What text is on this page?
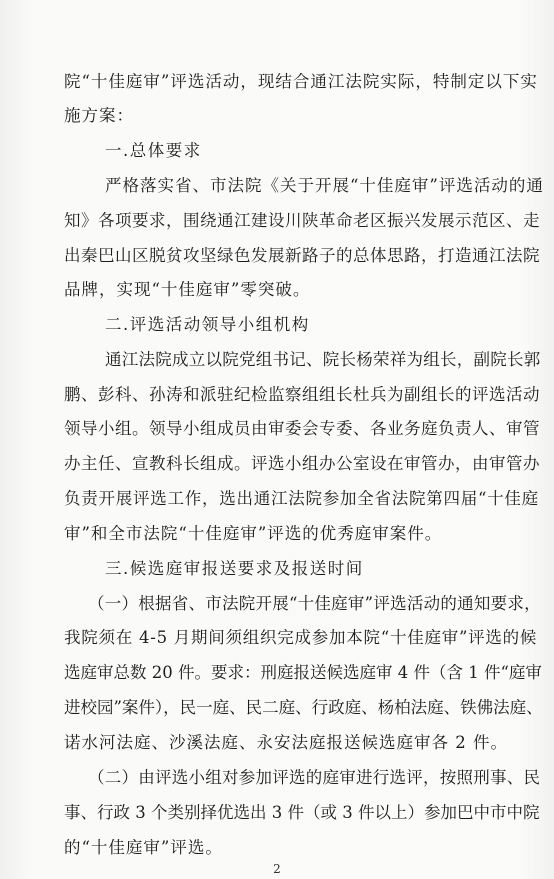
院“十佳庭审”评选活动，现结合通江法院实际，特制定以下实
施方案：
一.总体要求
严格落实省、市法院《关于开展“十佳庭审”评选活动的通
知》各项要求，围绕通江建设川陕革命老区振兴发展示范区、走
出秦巴山区脱贫攻坚绿色发展新路子的总体思路，打造通江法院
品牌，实现“十佳庭审”零突破。
二.评选活动领导小组机构
通江法院成立以院党组书记、院长杨荣祥为组长，副院长郭
鹏、彭科、孙涛和派驻纪检监察组组长杜兵为副组长的评选活动
领导小组。领导小组成员由审委会专委、各业务庭负责人、审管
办主任、宣教科长组成。评选小组办公室设在审管办，由审管办
负责开展评选工作，选出通江法院参加全省法院第四届“十佳庭
审”和全市法院“十佳庭审”评选的优秀庭审案件。
三.候选庭审报送要求及报送时间
（一）根据省、市法院开展“十佳庭审”评选活动的通知要求，
我院须在 4-5 月期间须组织完成参加本院“十佳庭审”评选的候
选庭审总数 20 件。要求：刑庭报送候选庭审 4 件（含 1 件“庭审
进校园”案件），民一庭、民二庭、行政庭、杨柏法庭、铁佛法庭、
诺水河法庭、沙溪法庭、永安法庭报送候选庭审各 2 件。
（二）由评选小组对参加评选的庭审进行选评，按照刑事、民
事、行政 3 个类别择优选出 3 件（或 3 件以上）参加巴中市中院
的“十佳庭审”评选。
2
